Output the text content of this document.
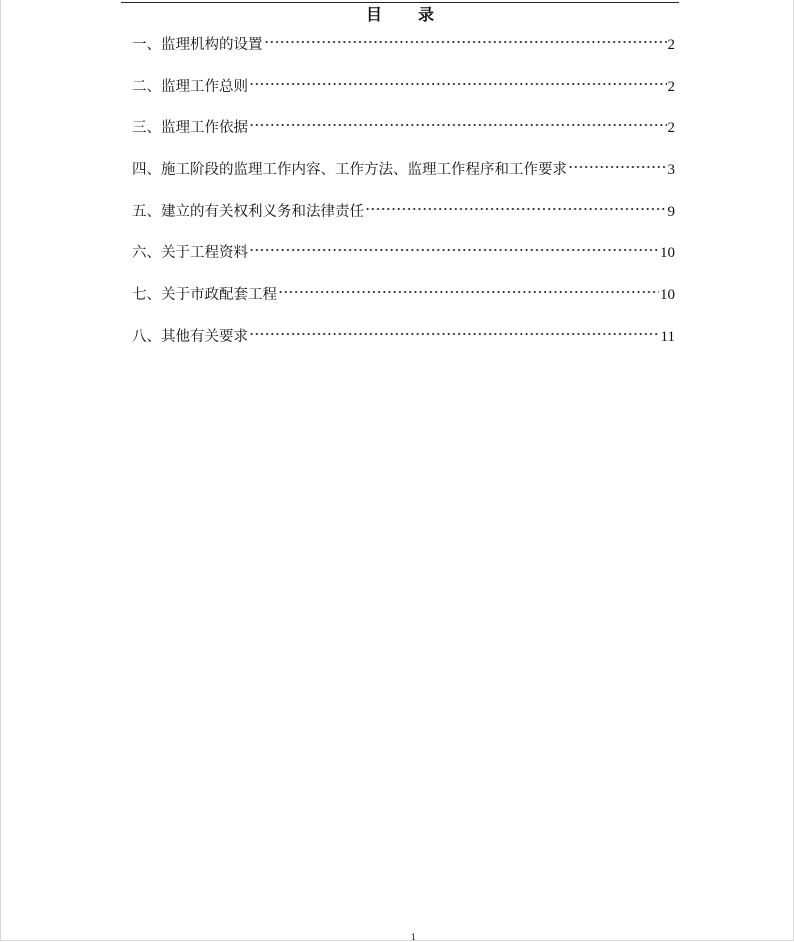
目 录
一、监理机构的设置	2
二、监理工作总则	2
三、监理工作依据	2
四、施工阶段的监理工作内容、工作方法、监理工作程序和工作要求	3
五、建立的有关权利义务和法律责任	9
六、关于工程资料	10
七、关于市政配套工程	10
八、其他有关要求	11
1
